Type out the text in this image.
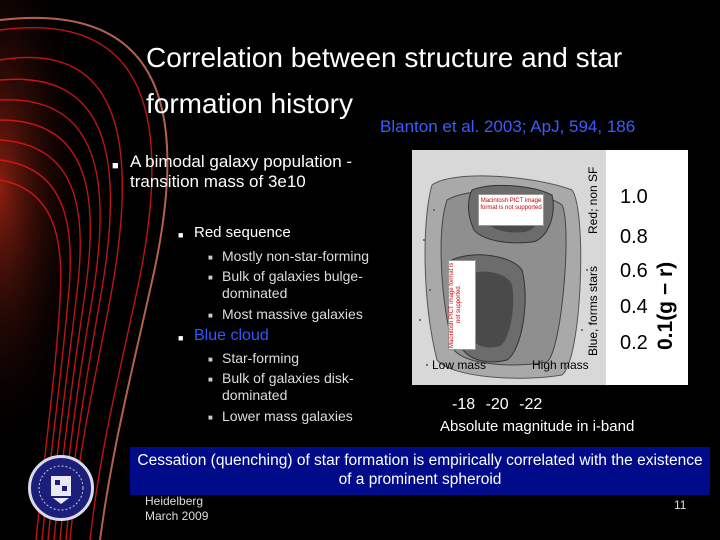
Correlation between structure and star
formation history
Blanton et al. 2003; ApJ, 594, 186
■ A bimodal galaxy population - transition mass of 3e10
■ Red sequence
■ Mostly non-star-forming
■ Bulk of galaxies bulge-dominated
■ Most massive galaxies
■ Blue cloud
■ Star-forming
■ Bulk of galaxies disk-dominated
■ Lower mass galaxies
Macintosh PICT image format is not supported
Macintosh PICT image format is not supported
Red, non SF
Blue, forms stars
Low mass	High mass
1.0
0.8
0.6
0.4
0.2 0.1(g − r)
-18 -20 -22
Absolute magnitude in i-band
Cessation (quenching) of star formation is empirically correlated with the existence of a prominent spheroid
Heidelberg
March 2009
11
